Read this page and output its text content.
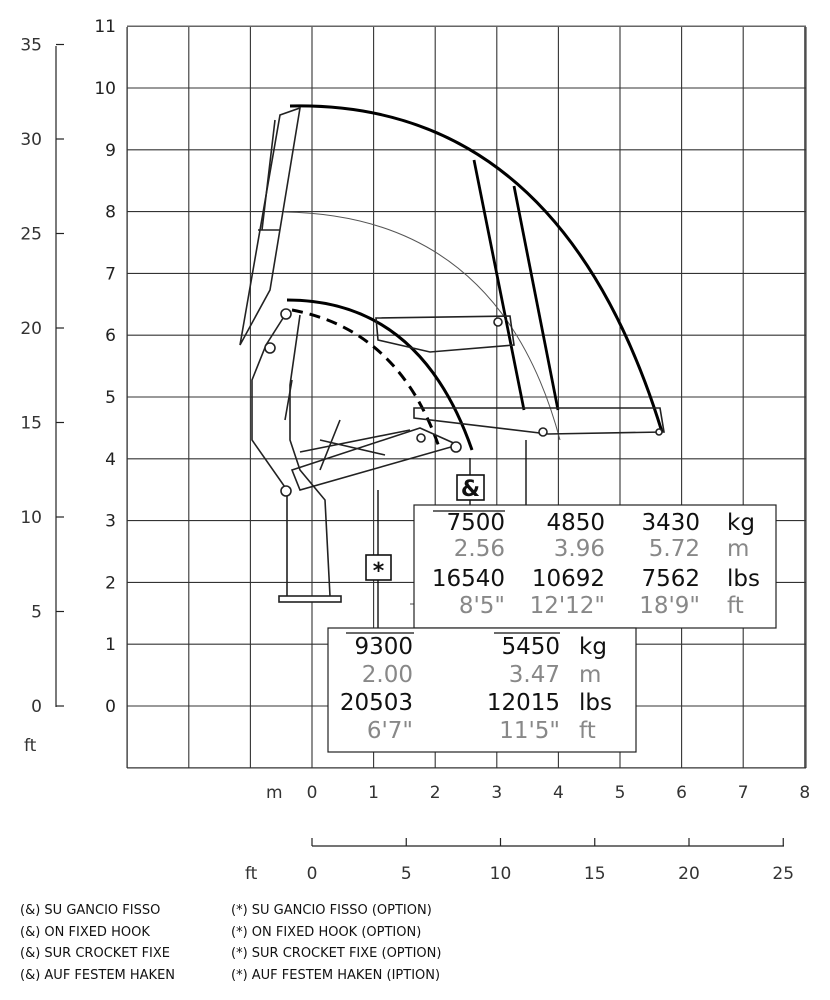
&
*
7500 4850 3430 kg
2.56 3.96 5.72 m
16540 10692 7562 lbs
8'5" 12'12" 18'9" ft
9300	5450 kg
2.00	3.47 m
20503	12015 lbs
6'7"	11'5" ft
0
5
10
15
20
25
30
35
0
1
2
3
4
5
6
7
8
9
10
11
ft
m 0	1	2	3	4	5	6	7	8
0	5	10	15	20	25
ft
(&) SU GANCIO FISSO
(&) ON FIXED HOOK
(&) SUR CROCKET FIXE
(&) AUF FESTEM HAKEN
(*) SU GANCIO FISSO (OPTION)
(*) ON FIXED HOOK (OPTION)
(*) SUR CROCKET FIXE (OPTION)
(*) AUF FESTEM HAKEN (IPTION)
